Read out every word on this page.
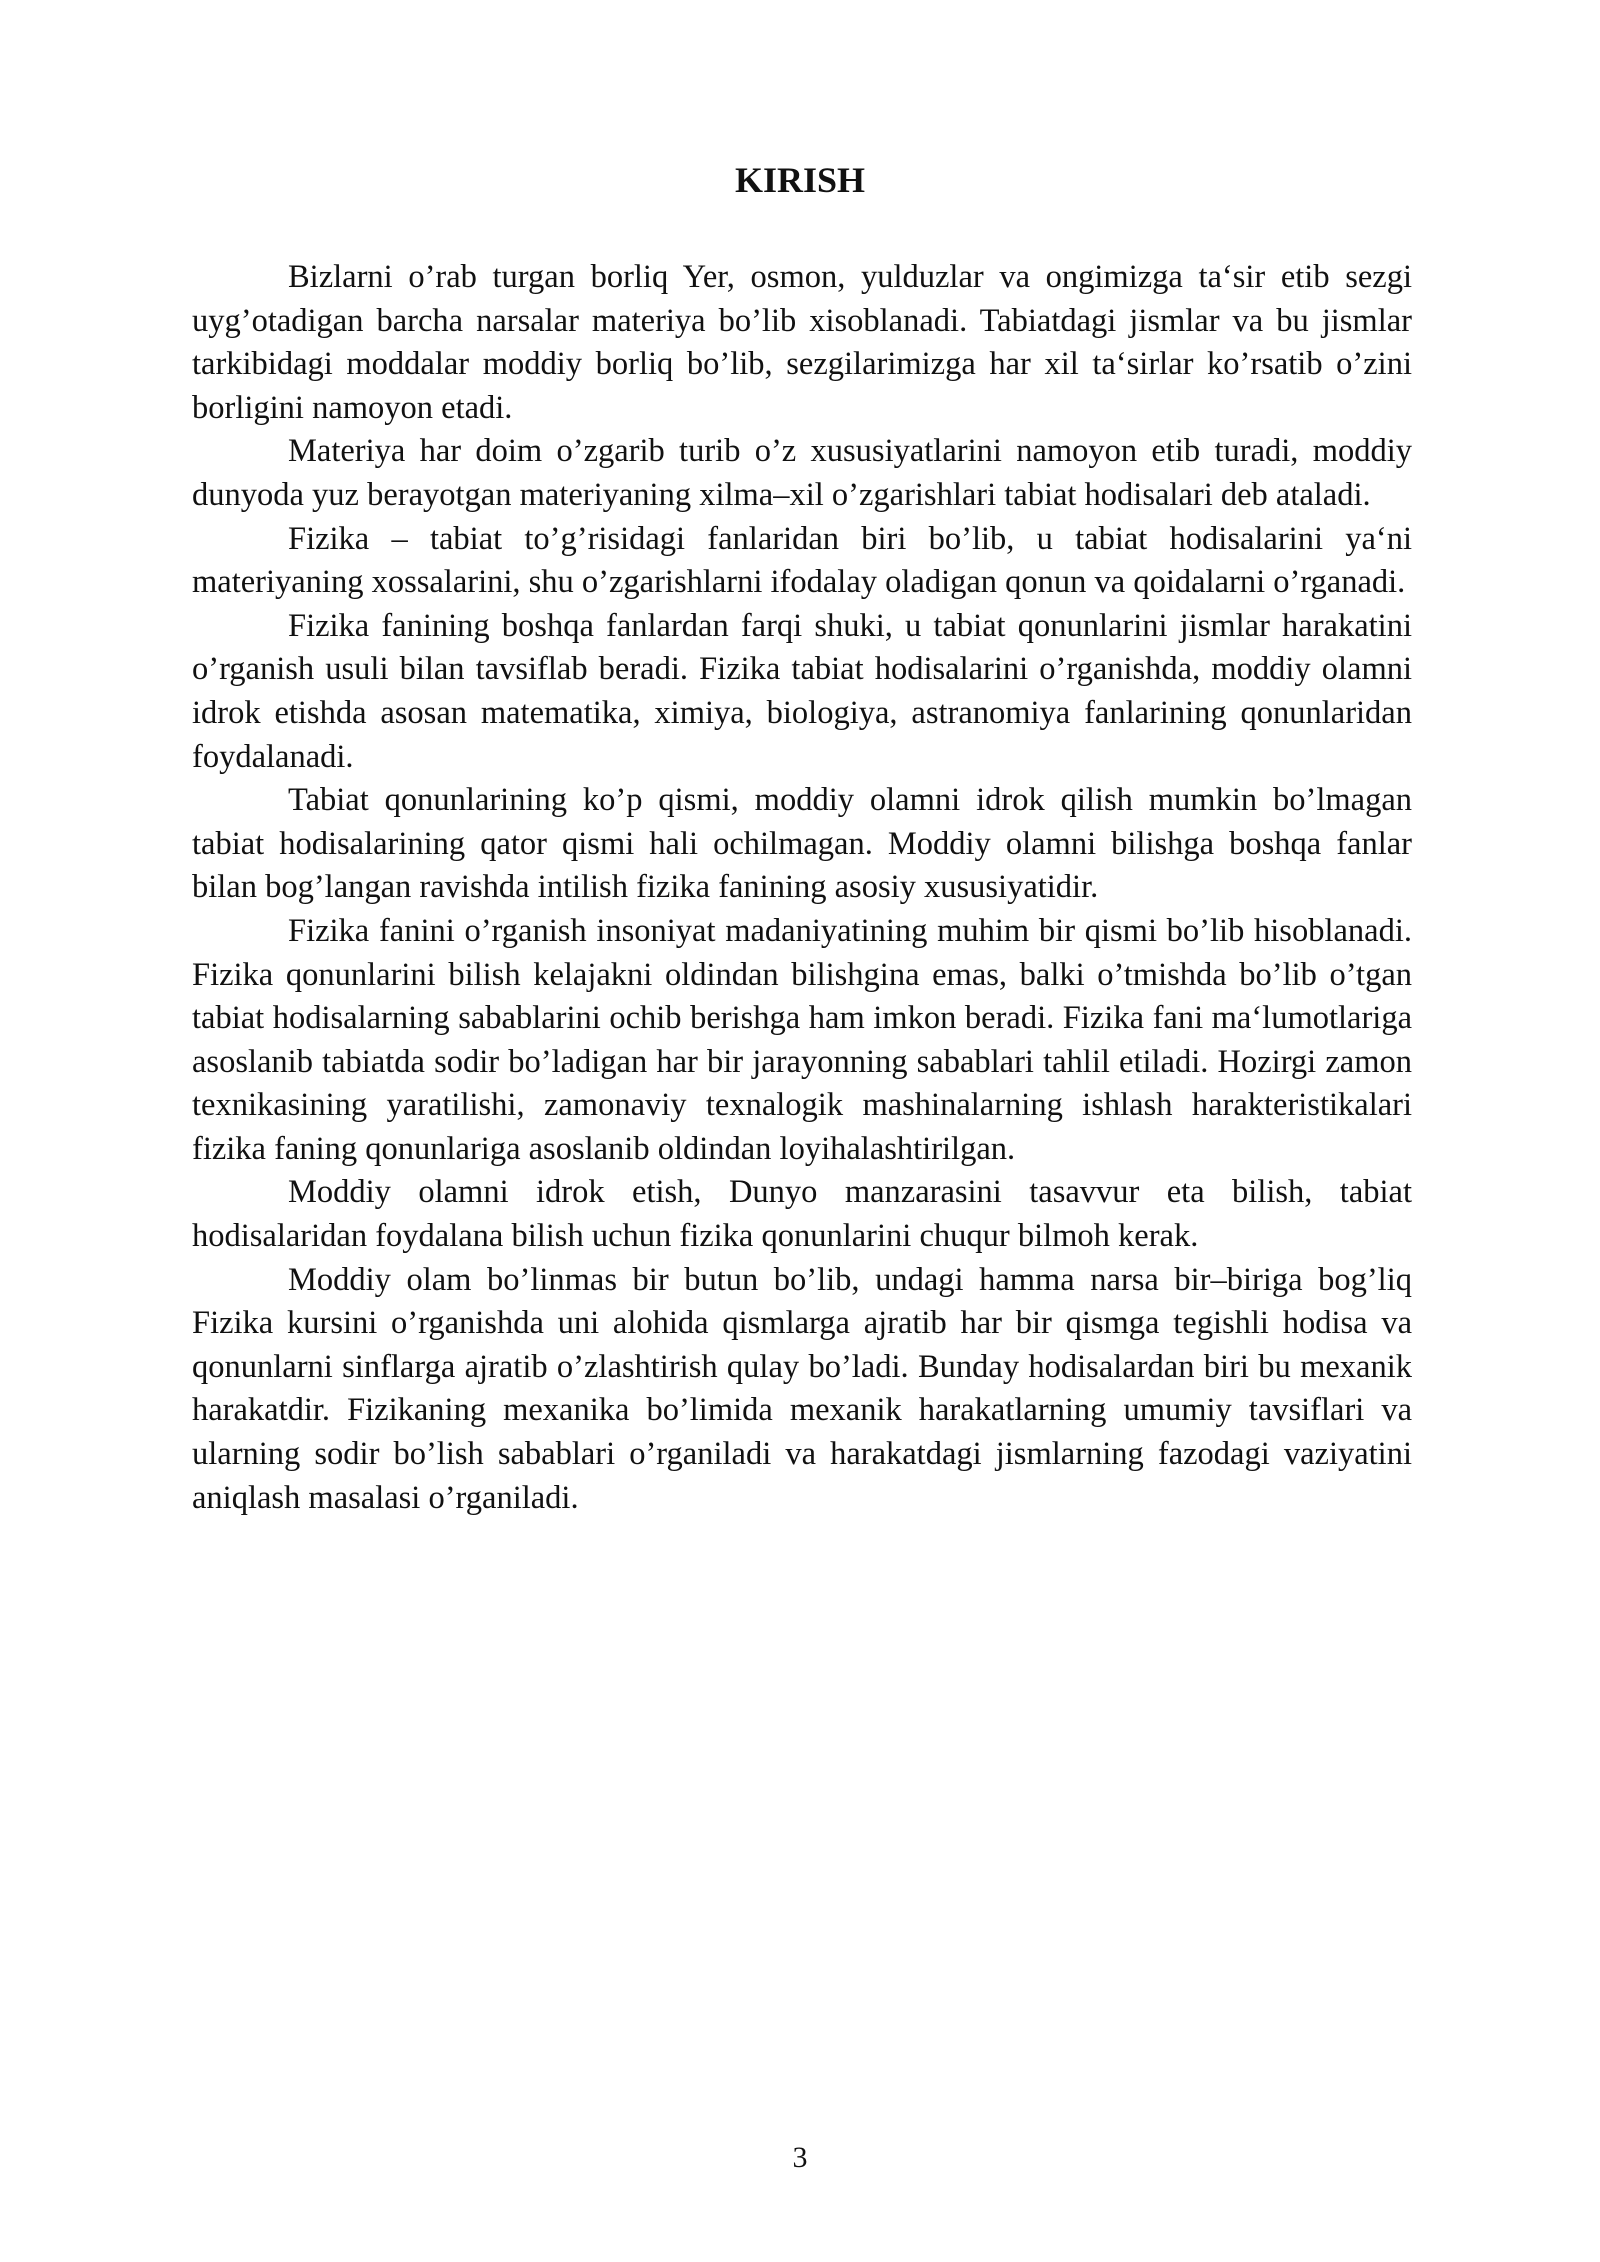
KIRISH

Bizlarni o’rab turgan borliq Yer, osmon, yulduzlar va ongimizga ta‘sir etib sezgi uyg’otadigan barcha narsalar materiya bo’lib xisoblanadi. Tabiatdagi jismlar va bu jismlar tarkibidagi moddalar moddiy borliq bo’lib, sezgilarimizga har xil ta‘sirlar ko’rsatib o’zini borligini namoyon etadi.

Materiya har doim o’zgarib turib o’z xususiyatlarini namoyon etib turadi, moddiy dunyoda yuz berayotgan materiyaning xilma–xil o’zgarishlari tabiat hodisalari deb ataladi.

Fizika – tabiat to’g’risidagi fanlaridan biri bo’lib, u tabiat hodisalarini ya‘ni materiyaning xossalarini, shu o’zgarishlarni ifodalay oladigan qonun va qoidalarni o’rganadi.

Fizika fanining boshqa fanlardan farqi shuki, u tabiat qonunlarini jismlar harakatini o’rganish usuli bilan tavsiflab beradi. Fizika tabiat hodisalarini o’rganishda, moddiy olamni idrok etishda asosan matematika, ximiya, biologiya, astranomiya fanlarining qonunlaridan foydalanadi.

Tabiat qonunlarining ko’p qismi, moddiy olamni idrok qilish mumkin bo’lmagan tabiat hodisalarining qator qismi hali ochilmagan. Moddiy olamni bilishga boshqa fanlar bilan bog’langan ravishda intilish fizika fanining asosiy xususiyatidir.

Fizika fanini o’rganish insoniyat madaniyatining muhim bir qismi bo’lib hisoblanadi. Fizika qonunlarini bilish kelajakni oldindan bilishgina emas, balki o’tmishda bo’lib o’tgan tabiat hodisalarning sabablarini ochib berishga ham imkon beradi. Fizika fani ma‘lumotlariga asoslanib tabiatda sodir bo’ladigan har bir jarayonning sabablari tahlil etiladi. Hozirgi zamon texnikasining yaratilishi, zamonaviy texnalogik mashinalarning ishlash harakteristikalari fizika faning qonunlariga asoslanib oldindan loyihalashtirilgan.

Moddiy olamni idrok etish, Dunyo manzarasini tasavvur eta bilish, tabiat hodisalaridan foydalana bilish uchun fizika qonunlarini chuqur bilmoh kerak.

Moddiy olam bo’linmas bir butun bo’lib, undagi hamma narsa bir–biriga bog’liq Fizika kursini o’rganishda uni alohida qismlarga ajratib har bir qismga tegishli hodisa va qonunlarni sinflarga ajratib o’zlashtirish qulay bo’ladi. Bunday hodisalardan biri bu mexanik harakatdir. Fizikaning mexanika bo’limida mexanik harakatlarning umumiy tavsiflari va ularning sodir bo’lish sabablari o’rganiladi va harakatdagi jismlarning fazodagi vaziyatini aniqlash masalasi o’rganiladi.

3
